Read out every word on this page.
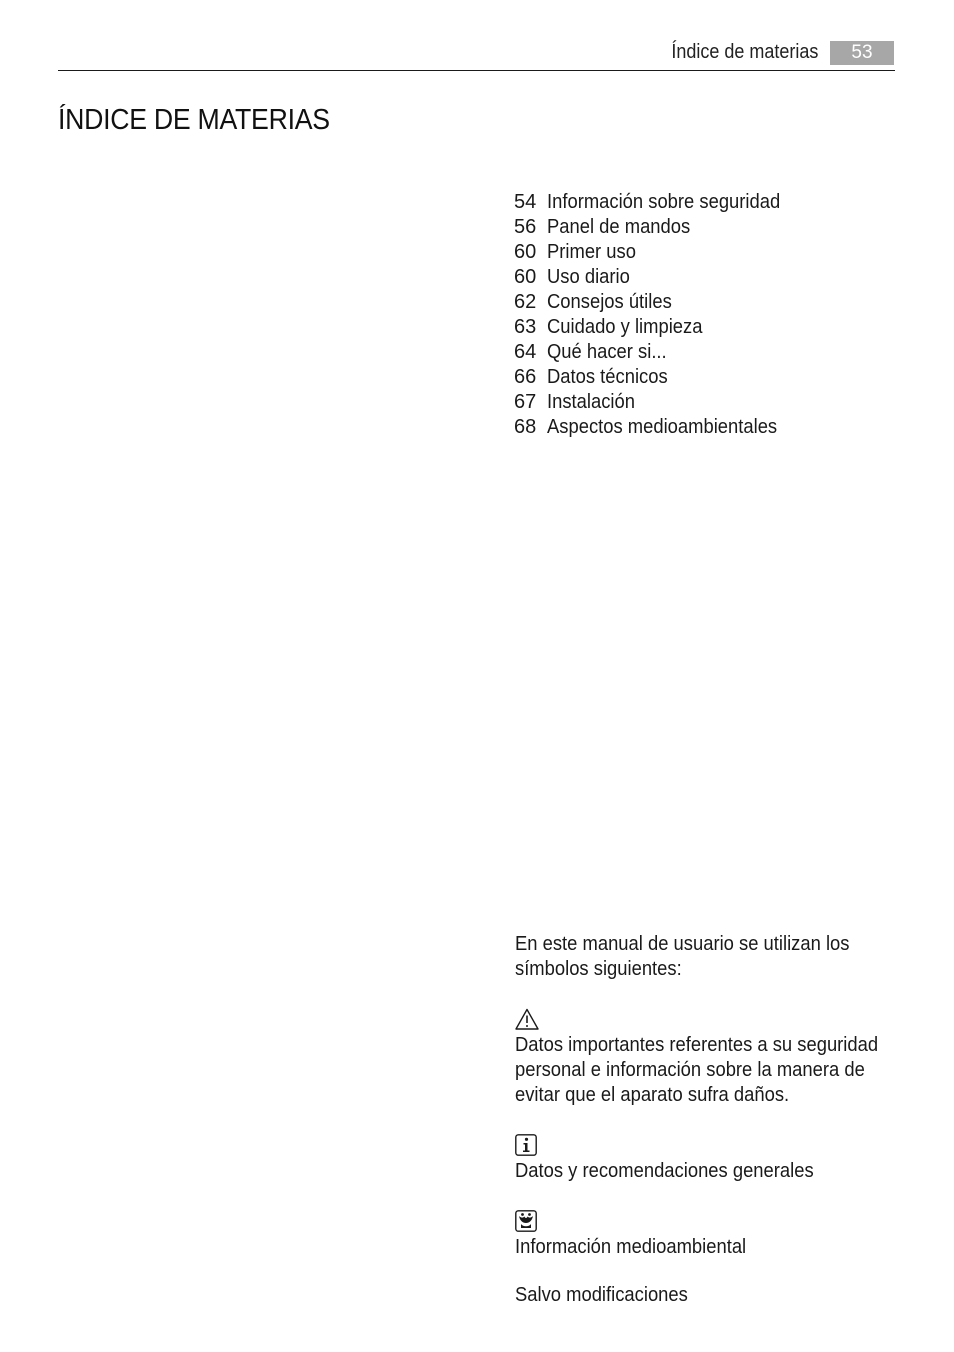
Índice de materias	53
ÍNDICE DE MATERIAS
54 Información sobre seguridad
56 Panel de mandos
60 Primer uso
60 Uso diario
62 Consejos útiles
63 Cuidado y limpieza
64 Qué hacer si...
66 Datos técnicos
67 Instalación
68 Aspectos medioambientales

En este manual de usuario se utilizan los
símbolos siguientes:

Datos importantes referentes a su seguridad
personal e información sobre la manera de
evitar que el aparato sufra daños.

Datos y recomendaciones generales

Información medioambiental

Salvo modificaciones
